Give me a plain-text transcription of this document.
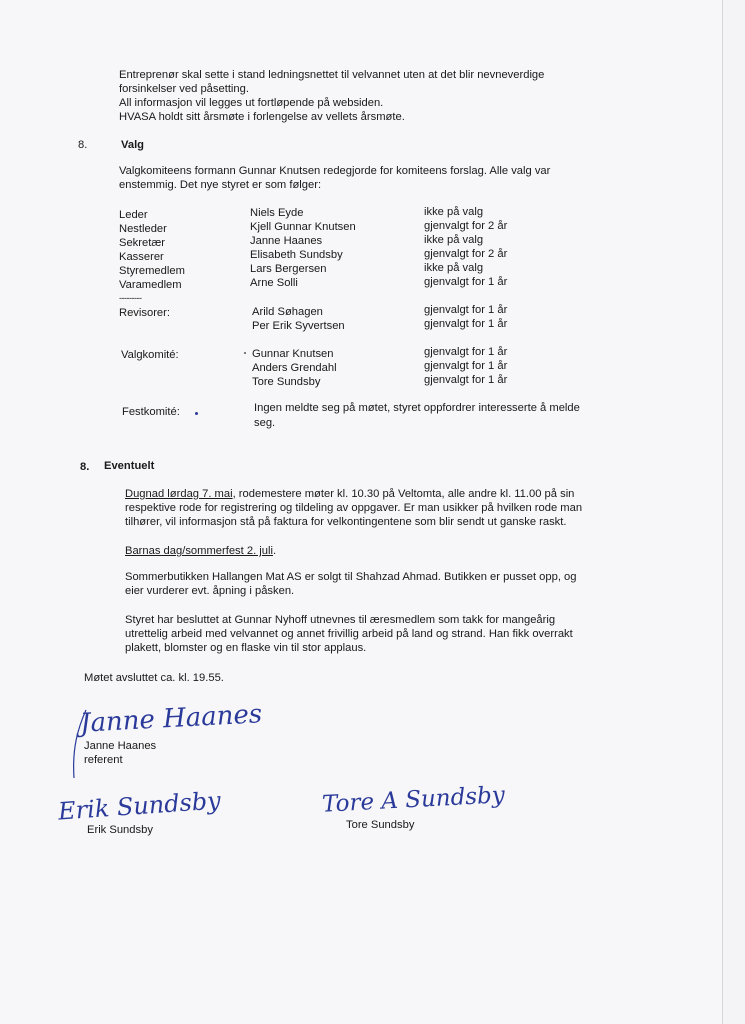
Entreprenør skal sette i stand ledningsnettet til velvannet uten at det blir nevneverdige
forsinkelser ved påsetting.
All informasjon vil legges ut fortløpende på websiden.
HVASA holdt sitt årsmøte i forlengelse av vellets årsmøte.
8.	Valg
Valgkomiteens formann Gunnar Knutsen redegjorde for komiteens forslag. Alle valg var
enstemmig. Det nye styret er som følger:
Leder	Niels Eyde	ikke på valg
Nestleder	Kjell Gunnar Knutsen	gjenvalgt for 2 år
Sekretær	Janne Haanes	ikke på valg
Kasserer	Elisabeth Sundsby	gjenvalgt for 2 år
Styremedlem	Lars Bergersen	ikke på valg
Varamedlem	Arne Solli	gjenvalgt for 1 år
---------
Revisorer:	Arild Søhagen	gjenvalgt for 1 år
Per Erik Syvertsen	gjenvalgt for 1 år
Valgkomité:	Gunnar Knutsen	gjenvalgt for 1 år
Anders Grendahl	gjenvalgt for 1 år
Tore Sundsby	gjenvalgt for 1 år
Festkomité:	Ingen meldte seg på møtet, styret oppfordrer interesserte å melde
seg.
8. Eventuelt
Dugnad lørdag 7. mai, rodemestere møter kl. 10.30 på Veltomta, alle andre kl. 11.00 på sin
respektive rode for registrering og tildeling av oppgaver. Er man usikker på hvilken rode man
tilhører, vil informasjon stå på faktura for velkontingentene som blir sendt ut ganske raskt.
Barnas dag/sommerfest 2. juli.
Sommerbutikken Hallangen Mat AS er solgt til Shahzad Ahmad. Butikken er pusset opp, og
eier vurderer evt. åpning i påsken.
Styret har besluttet at Gunnar Nyhoff utnevnes til æresmedlem som takk for mangeårig
utrettelig arbeid med velvannet og annet frivillig arbeid på land og strand. Han fikk overrakt
plakett, blomster og en flaske vin til stor applaus.
Møtet avsluttet ca. kl. 19.55.
Janne Haanes
Janne Haanes
referent
Erik Sundsby
Erik Sundsby
Tore A Sundsby
Tore Sundsby
